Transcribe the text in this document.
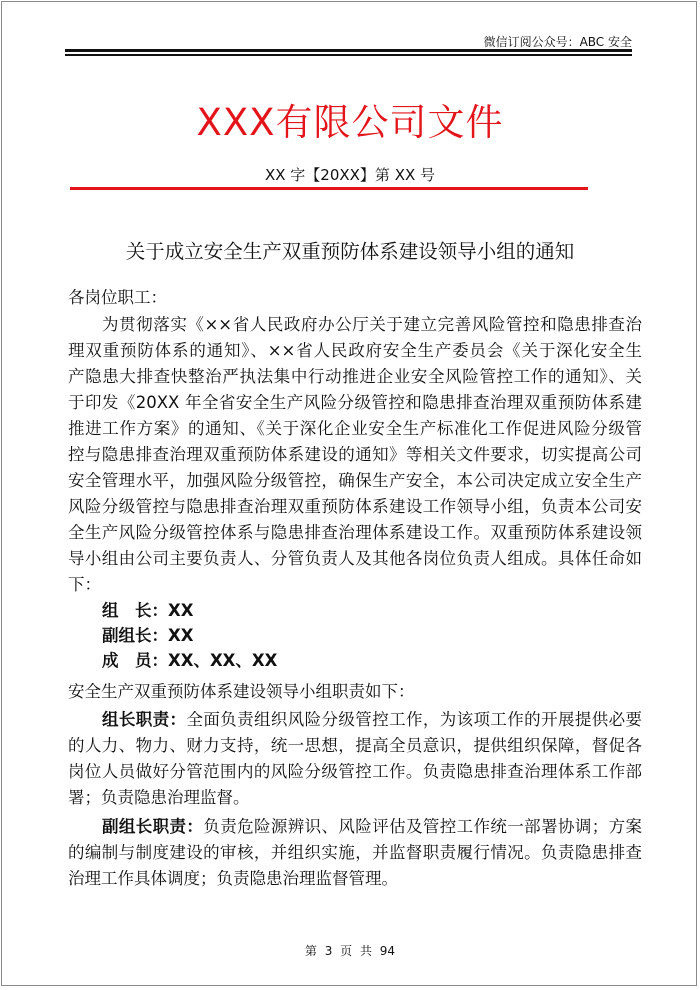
微信订阅公众号：ABC 安全
XXX有限公司文件
XX 字【20XX】第 XX 号
关于成立安全生产双重预防体系建设领导小组的通知
各岗位职工：
为贯彻落实《××省人民政府办公厅关于建立完善风险管控和隐患排查治
理双重预防体系的通知》、××省人民政府安全生产委员会《关于深化安全生
产隐患大排查快整治严执法集中行动推进企业安全风险管控工作的通知》、关
于印发《20XX 年全省安全生产风险分级管控和隐患排查治理双重预防体系建
推进工作方案》的通知、《关于深化企业安全生产标准化工作促进风险分级管
控与隐患排查治理双重预防体系建设的通知》等相关文件要求，切实提高公司
安全管理水平，加强风险分级管控，确保生产安全，本公司决定成立安全生产
风险分级管控与隐患排查治理双重预防体系建设工作领导小组，负责本公司安
全生产风险分级管控体系与隐患排查治理体系建设工作。双重预防体系建设领
导小组由公司主要负责人、分管负责人及其他各岗位负责人组成。具体任命如
下：
组　长：XX
副组长：XX
成　员：XX、XX、XX
安全生产双重预防体系建设领导小组职责如下：
组长职责：全面负责组织风险分级管控工作，为该项工作的开展提供必要
的人力、物力、财力支持，统一思想，提高全员意识，提供组织保障，督促各
岗位人员做好分管范围内的风险分级管控工作。负责隐患排查治理体系工作部
署；负责隐患治理监督。
副组长职责：负责危险源辨识、风险评估及管控工作统一部署协调；方案
的编制与制度建设的审核，并组织实施，并监督职责履行情况。负责隐患排查
治理工作具体调度；负责隐患治理监督管理。
第 3 页 共 94
